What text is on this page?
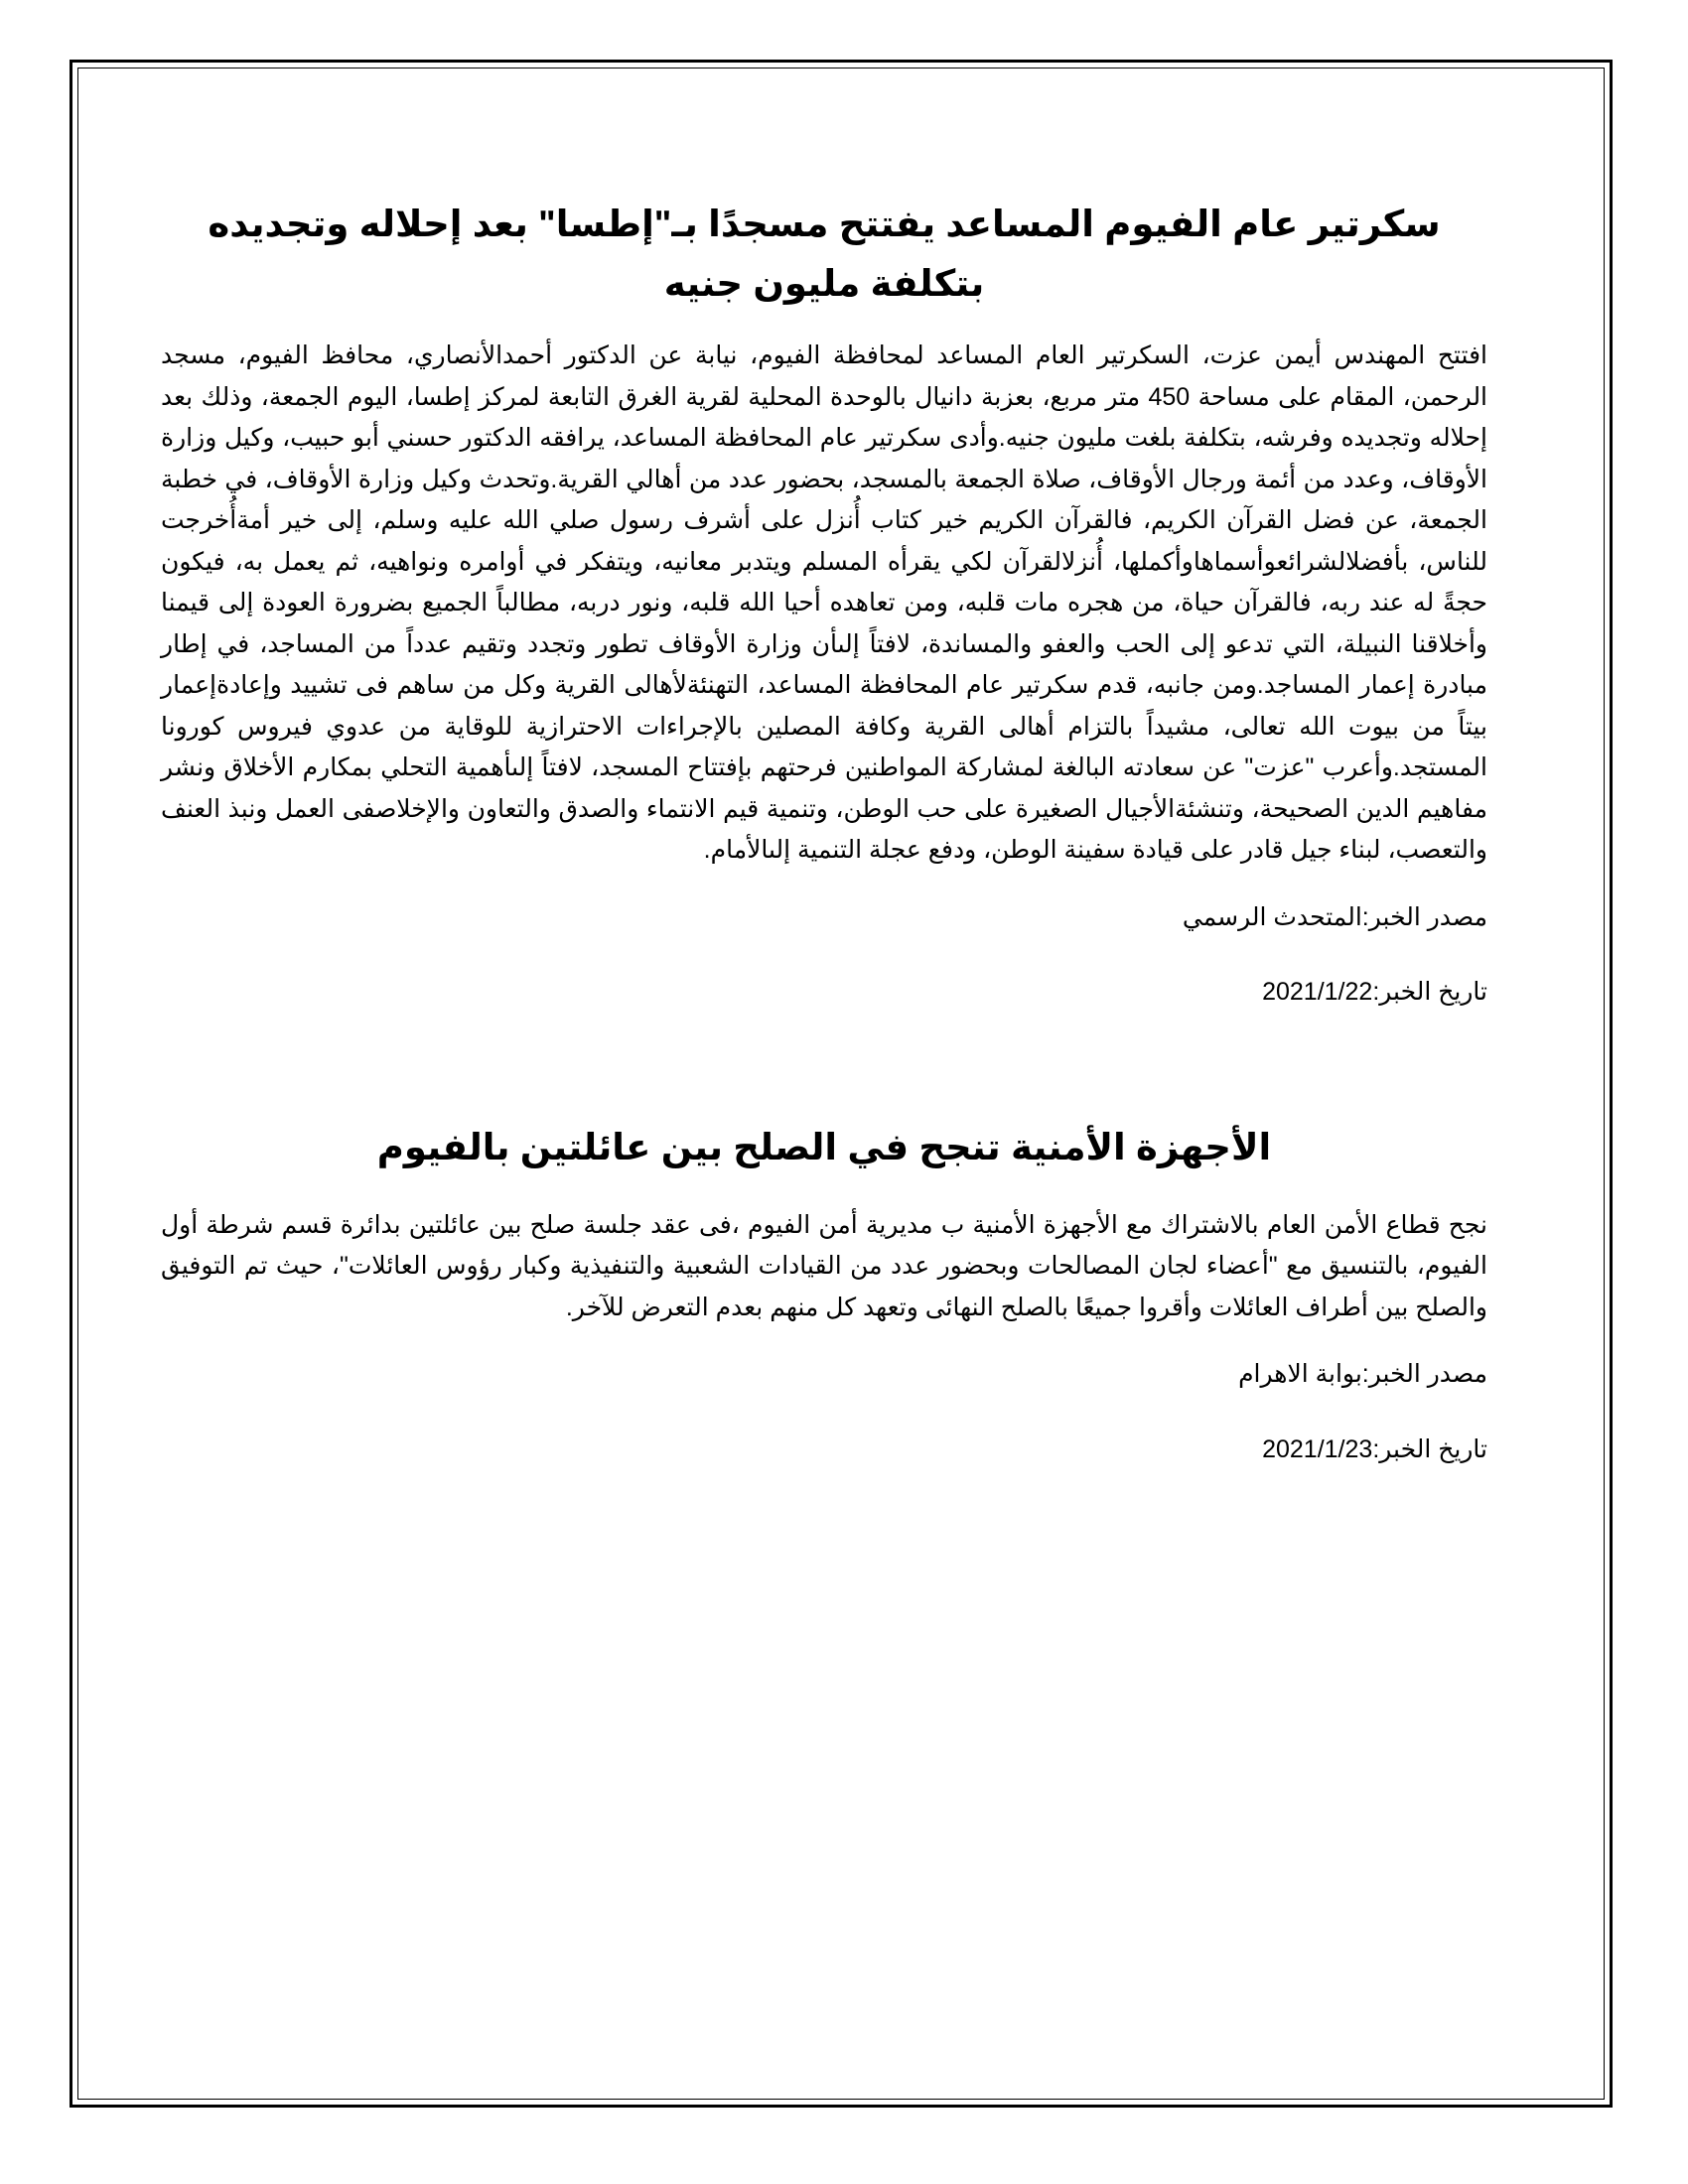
سكرتير عام الفيوم المساعد يفتتح مسجدًا بـ"إطسا" بعد إحلاله وتجديده بتكلفة مليون جنيه

افتتح المهندس أيمن عزت، السكرتير العام المساعد لمحافظة الفيوم، نيابة عن الدكتور أحمدالأنصاري، محافظ الفيوم، مسجد الرحمن، المقام على مساحة 450 متر مربع، بعزبة دانيال بالوحدة المحلية لقرية الغرق التابعة لمركز إطسا، اليوم الجمعة، وذلك بعد إحلاله وتجديده وفرشه، بتكلفة بلغت مليون جنيه.وأدى سكرتير عام المحافظة المساعد، يرافقه الدكتور حسني أبو حبيب، وكيل وزارة الأوقاف، وعدد من أئمة ورجال الأوقاف، صلاة الجمعة بالمسجد، بحضور عدد من أهالي القرية.وتحدث وكيل وزارة الأوقاف، في خطبة الجمعة، عن فضل القرآن الكريم، فالقرآن الكريم خير كتاب أُنزل على أشرف رسول صلي الله عليه وسلم، إلى خير أمةأُخرجت للناس، بأفضلالشرائعوأسماهاوأكملها، أُنزلالقرآن لكي يقرأه المسلم ويتدبر معانيه، ويتفكر في أوامره ونواهيه، ثم يعمل به، فيكون حجةً له عند ربه، فالقرآن حياة، من هجره مات قلبه، ومن تعاهده أحيا الله قلبه، ونور دربه، مطالباً الجميع بضرورة العودة إلى قيمنا وأخلاقنا النبيلة، التي تدعو إلى الحب والعفو والمساندة، لافتاً إلىأن وزارة الأوقاف تطور وتجدد وتقيم عدداً من المساجد، في إطار مبادرة إعمار المساجد.ومن جانبه، قدم سكرتير عام المحافظة المساعد، التهنئةلأهالى القرية وكل من ساهم فى تشييد وإعادةإعمار بيتاً من بيوت الله تعالى، مشيداً بالتزام أهالى القرية وكافة المصلين بالإجراءات الاحترازية للوقاية من عدوي فيروس كورونا المستجد.وأعرب "عزت" عن سعادته البالغة لمشاركة المواطنين فرحتهم بإفتتاح المسجد، لافتاً إلىأهمية التحلي بمكارم الأخلاق ونشر مفاهيم الدين الصحيحة، وتنشئةالأجيال الصغيرة على حب الوطن، وتنمية قيم الانتماء والصدق والتعاون والإخلاصفى العمل ونبذ العنف والتعصب، لبناء جيل قادر على قيادة سفينة الوطن، ودفع عجلة التنمية إلىالأمام.

مصدر الخبر:المتحدث الرسمي

تاريخ الخبر:2021/1/22

الأجهزة الأمنية تنجح في الصلح بين عائلتين بالفيوم

نجح قطاع الأمن العام بالاشتراك مع الأجهزة الأمنية ب مديرية أمن الفيوم ،فى عقد جلسة صلح بين عائلتين بدائرة قسم شرطة أول الفيوم، بالتنسيق مع "أعضاء لجان المصالحات وبحضور عدد من القيادات الشعبية والتنفيذية وكبار رؤوس العائلات"، حيث تم التوفيق والصلح بين أطراف العائلات وأقروا جميعًا بالصلح النهائى وتعهد كل منهم بعدم التعرض للآخر.

مصدر الخبر:بوابة الاهرام

تاريخ الخبر:2021/1/23
